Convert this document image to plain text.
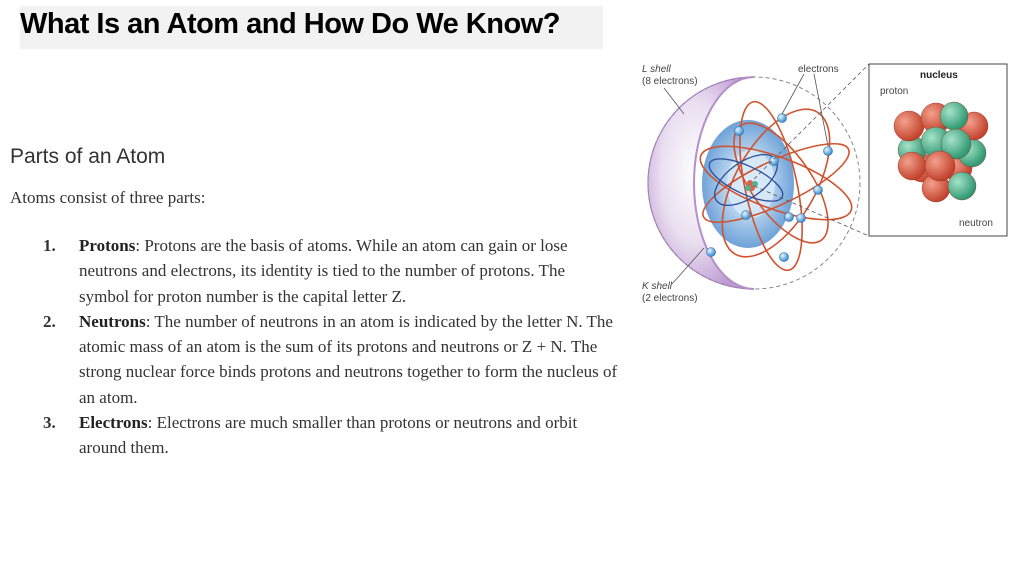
What Is an Atom and How Do We Know?
Parts of an Atom

Atoms consist of three parts:

1. Protons: Protons are the basis of atoms. While an atom can gain or lose neutrons and electrons, its identity is tied to the number of protons. The symbol for proton number is the capital letter Z.
2. Neutrons: The number of neutrons in an atom is indicated by the letter N. The atomic mass of an atom is the sum of its protons and neutrons or Z + N. The strong nuclear force binds protons and neutrons together to form the nucleus of an atom.
3. Electrons: Electrons are much smaller than protons or neutrons and orbit around them.
L shell
(8 electrons)
electrons
nucleus
proton
neutron
K shell
(2 electrons)
